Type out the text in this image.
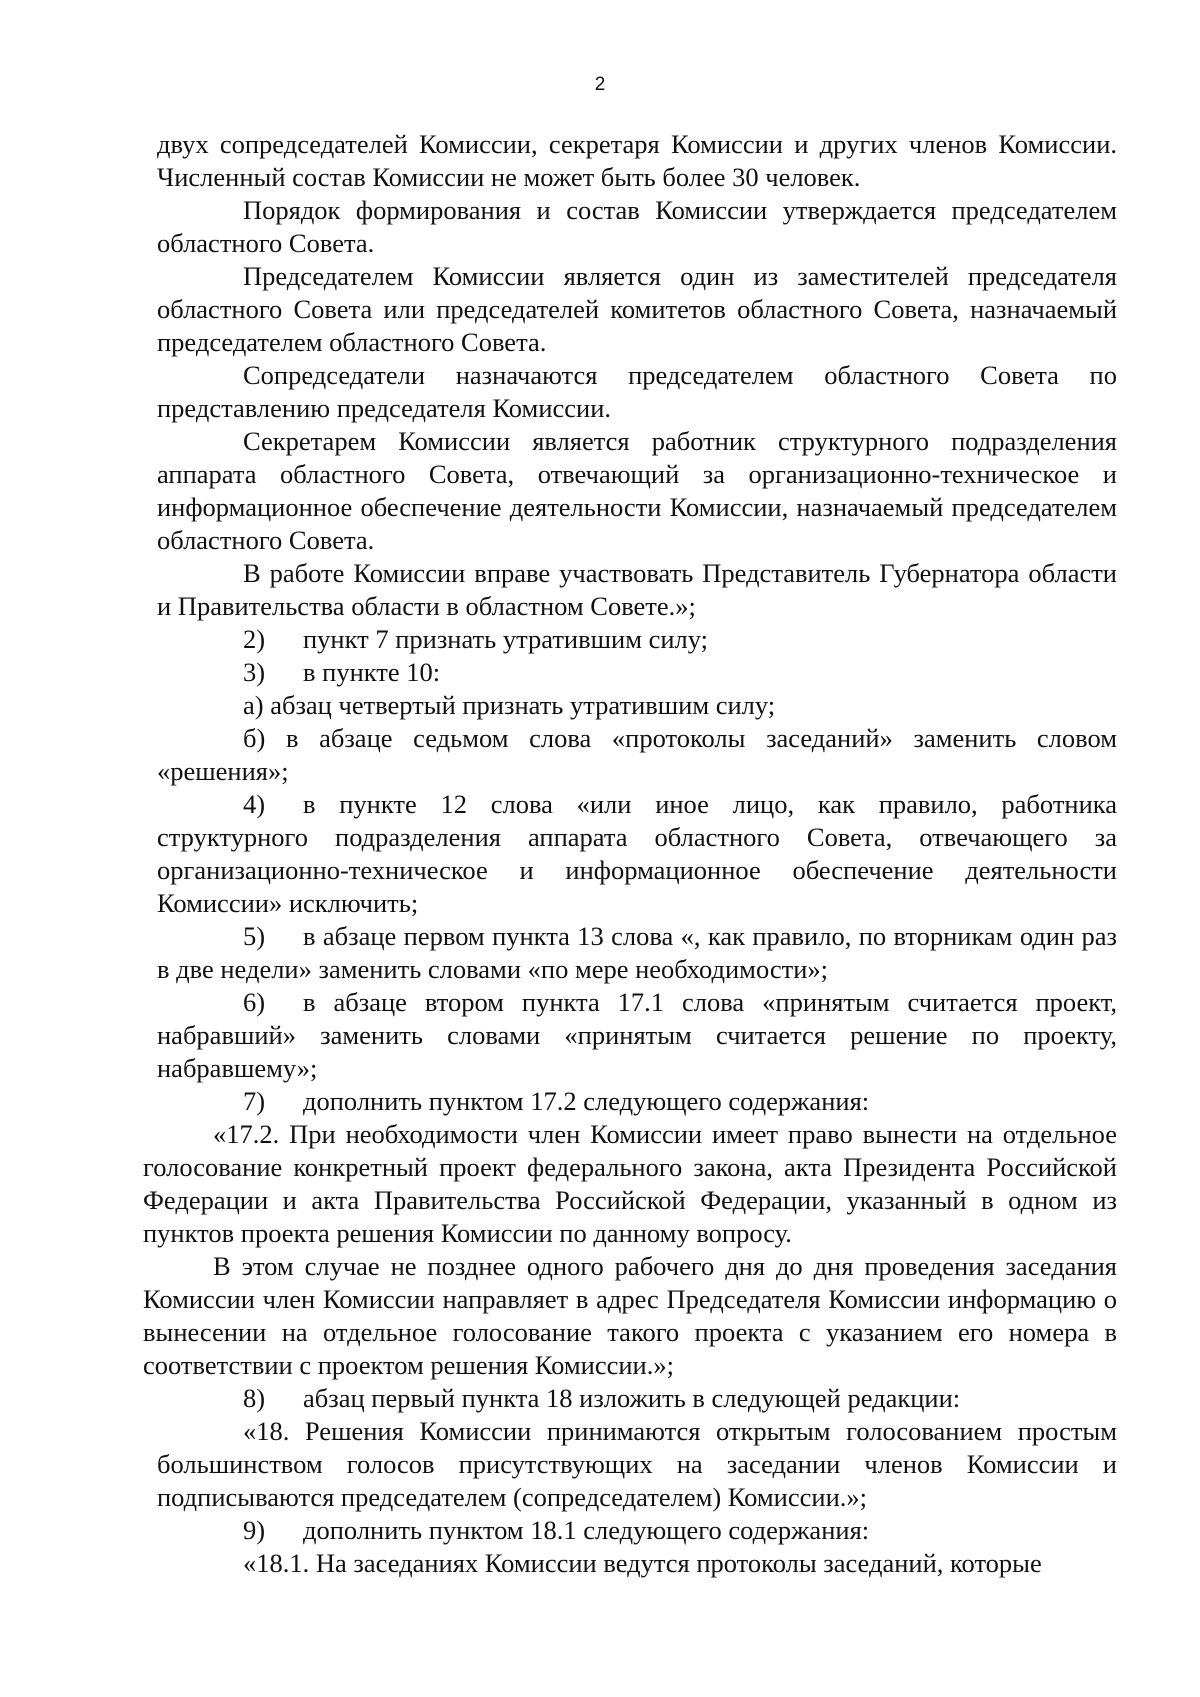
2

двух сопредседателей Комиссии, секретаря Комиссии и других членов Комиссии. Численный состав Комиссии не может быть более 30 человек.

Порядок формирования и состав Комиссии утверждается председателем областного Совета.

Председателем Комиссии является один из заместителей председателя областного Совета или председателей комитетов областного Совета, назначаемый председателем областного Совета.

Сопредседатели назначаются председателем областного Совета по представлению председателя Комиссии.

Секретарем Комиссии является работник структурного подразделения аппарата областного Совета, отвечающий за организационно-техническое и информационное обеспечение деятельности Комиссии, назначаемый председателем областного Совета.

В работе Комиссии вправе участвовать Представитель Губернатора области и Правительства области в областном Совете.»;

2) пункт 7 признать утратившим силу;

3) в пункте 10:

а) абзац четвертый признать утратившим силу;

б) в абзаце седьмом слова «протоколы заседаний» заменить словом «решения»;

4) в пункте 12 слова «или иное лицо, как правило, работника структурного подразделения аппарата областного Совета, отвечающего за организационно-техническое и информационное обеспечение деятельности Комиссии» исключить;

5) в абзаце первом пункта 13 слова «, как правило, по вторникам один раз в две недели» заменить словами «по мере необходимости»;

6) в абзаце втором пункта 17.1 слова «принятым считается проект, набравший» заменить словами «принятым считается решение по проекту, набравшему»;

7) дополнить пунктом 17.2 следующего содержания:

«17.2. При необходимости член Комиссии имеет право вынести на отдельное голосование конкретный проект федерального закона, акта Президента Российской Федерации и акта Правительства Российской Федерации, указанный в одном из пунктов проекта решения Комиссии по данному вопросу.

В этом случае не позднее одного рабочего дня до дня проведения заседания Комиссии член Комиссии направляет в адрес Председателя Комиссии информацию о вынесении на отдельное голосование такого проекта с указанием его номера в соответствии с проектом решения Комиссии.»;

8) абзац первый пункта 18 изложить в следующей редакции:

«18. Решения Комиссии принимаются открытым голосованием простым большинством голосов присутствующих на заседании членов Комиссии и подписываются председателем (сопредседателем) Комиссии.»;

9) дополнить пунктом 18.1 следующего содержания:

«18.1. На заседаниях Комиссии ведутся протоколы заседаний, которые
